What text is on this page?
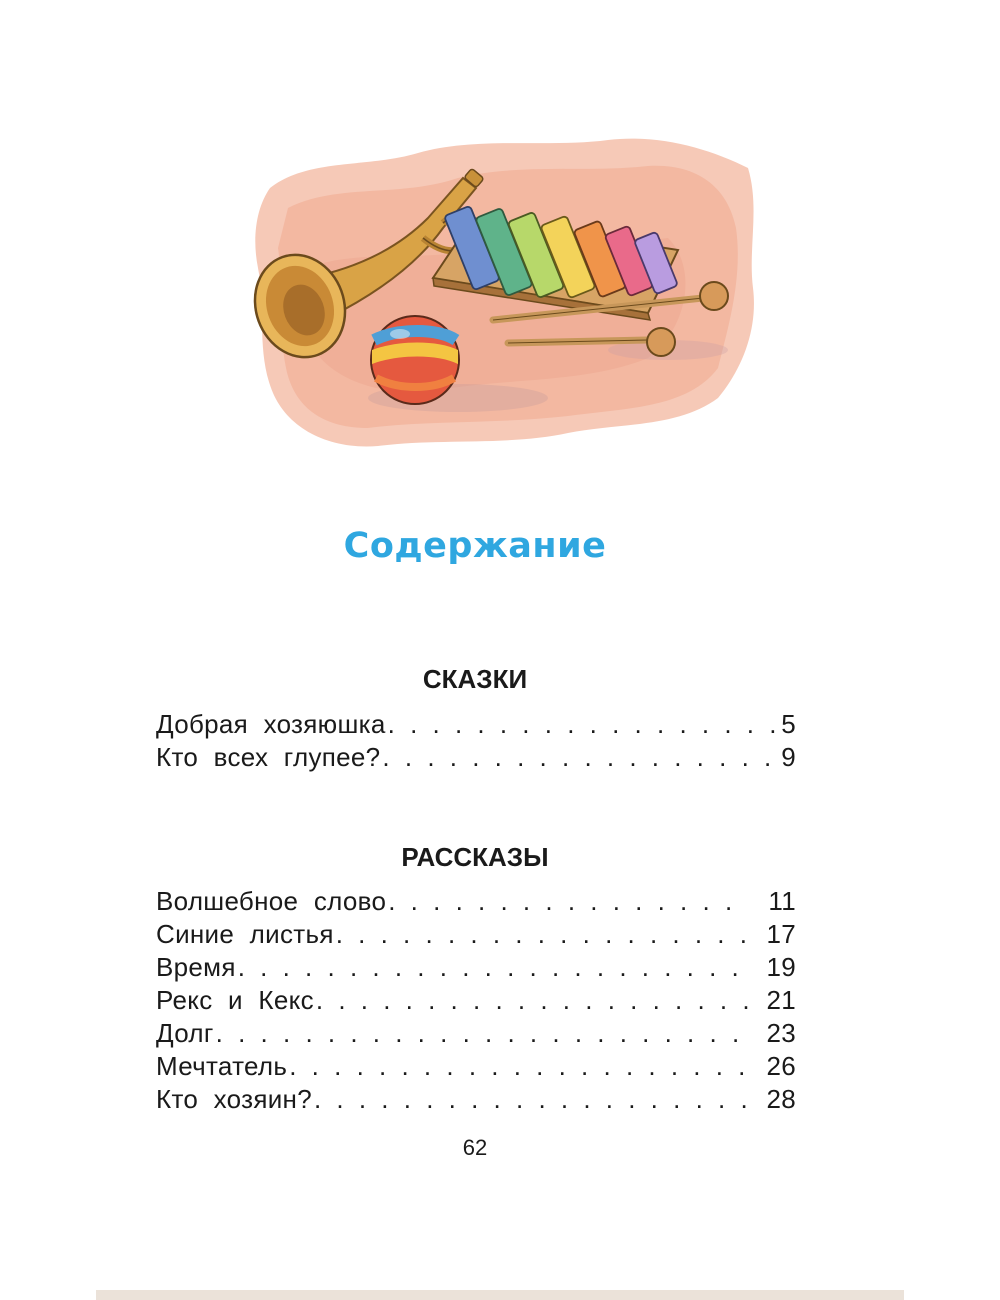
Содержание
СКАЗКИ
Добрая хозяюшка . . .	5
Кто всех глупее? . . .	9
РАССКАЗЫ
Волшебное слово . . .	11
Синие листья . . .	17
Время . . .	19
Рекс и Кекс . . .	21
Долг . . .	23
Мечтатель . . .	26
Кто хозяин? . . .	28
62
